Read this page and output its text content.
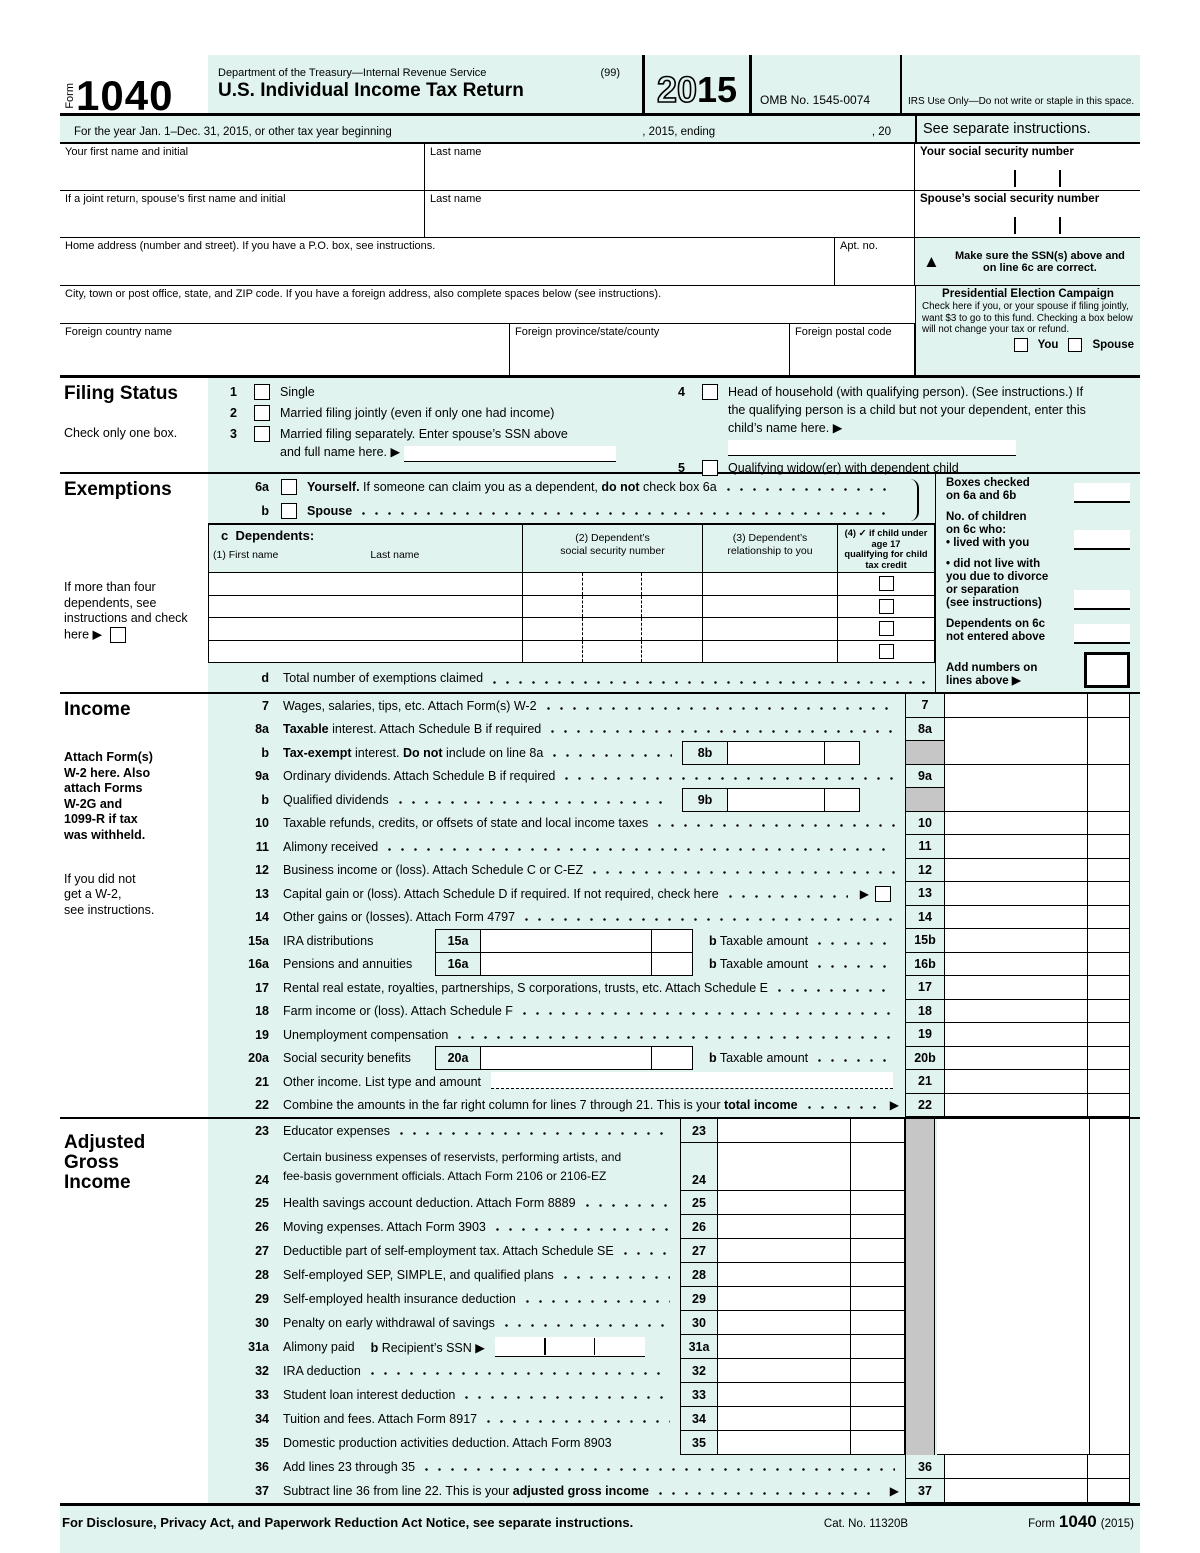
Form 1040	Department of the Treasury—Internal Revenue Service	(99)
U.S. Individual Income Tax Return	20 15	OMB No. 1545-0074	IRS Use Only—Do not write or staple in this space.
For the year Jan. 1–Dec. 31, 2015, or other tax year beginning	, 2015, ending	, 20	See separate instructions.
Your first name and initial	Last name	Your social security number
If a joint return, spouse’s first name and initial	Last name	Spouse’s social security number
Home address (number and street). If you have a P.O. box, see instructions.	Apt. no.
▲	Make sure the SSN(s) above and on line 6c are correct.
City, town or post office, state, and ZIP code. If you have a foreign address, also complete spaces below (see instructions).
Foreign country name	Foreign province/state/county	Foreign postal code
Presidential Election Campaign
Check here if you, or your spouse if filing jointly, want $3 to go to this fund. Checking a box below will not change your tax or refund.
You	Spouse
Filing Status
Check only one box.
1	Single
2	Married filing jointly (even if only one had income)
3	Married filing separately. Enter spouse’s SSN above
and full name here. ▶
4	Head of household (with qualifying person). (See instructions.) If
the qualifying person is a child but not your dependent, enter this
child’s name here. ▶
5	Qualifying widow(er) with dependent child
Exemptions
If more than four dependents, see instructions and check here ▶
6a	Yourself. If someone can claim you as a dependent, do not check box 6a
b	Spouse
c Dependents:
(1) First name	Last name
(2) Dependent’s
social security number
(3) Dependent’s
relationship to you
(4) ✓ if child under age 17
qualifying for child tax credit
d Total number of exemptions claimed
Boxes checked
on 6a and 6b
No. of children
on 6c who:
• lived with you
• did not live with
you due to divorce
or separation
(see instructions)
Dependents on 6c
not entered above
Add numbers on
lines above ▶
Income
Attach Form(s)
W-2 here. Also
attach Forms
W-2G and
1099-R if tax
was withheld.
If you did not
get a W-2,
see instructions.
7 Wages, salaries, tips, etc. Attach Form(s) W-2	7
8a Taxable interest. Attach Schedule B if required	8a
b Tax-exempt interest. Do not include on line 8a	8b
9a Ordinary dividends. Attach Schedule B if required	9a
b Qualified dividends	9b
10 Taxable refunds, credits, or offsets of state and local income taxes	10
11 Alimony received	11
12 Business income or (loss). Attach Schedule C or C-EZ	12
13 Capital gain or (loss). Attach Schedule D if required. If not required, check here	▶	13
14 Other gains or (losses). Attach Form 4797	14
15a IRA distributions	15a	b Taxable amount	15b
16a Pensions and annuities	16a	b Taxable amount	16b
17 Rental real estate, royalties, partnerships, S corporations, trusts, etc. Attach Schedule E	17
18 Farm income or (loss). Attach Schedule F	18
19 Unemployment compensation	19
20a Social security benefits	20a	b Taxable amount	20b
21 Other income. List type and amount	21
22 Combine the amounts in the far right column for lines 7 through 21. This is your total income	▶	22
Adjusted
Gross
Income
23 Educator expenses	23
24
Certain business expenses of reservists, performing artists, and
fee-basis government officials. Attach Form 2106 or 2106-EZ	24
25 Health savings account deduction. Attach Form 8889	25
26 Moving expenses. Attach Form 3903	26
27 Deductible part of self-employment tax. Attach Schedule SE	27
28 Self-employed SEP, SIMPLE, and qualified plans	28
29 Self-employed health insurance deduction	29
30 Penalty on early withdrawal of savings	30
31a Alimony paid b Recipient’s SSN ▶	31a
32 IRA deduction	32
33 Student loan interest deduction	33
34 Tuition and fees. Attach Form 8917	34
35 Domestic production activities deduction. Attach Form 8903	35
36 Add lines 23 through 35	36
37 Subtract line 36 from line 22. This is your adjusted gross income	▶	37
For Disclosure, Privacy Act, and Paperwork Reduction Act Notice, see separate instructions.	Cat. No. 11320B	Form 1040 (2015)
